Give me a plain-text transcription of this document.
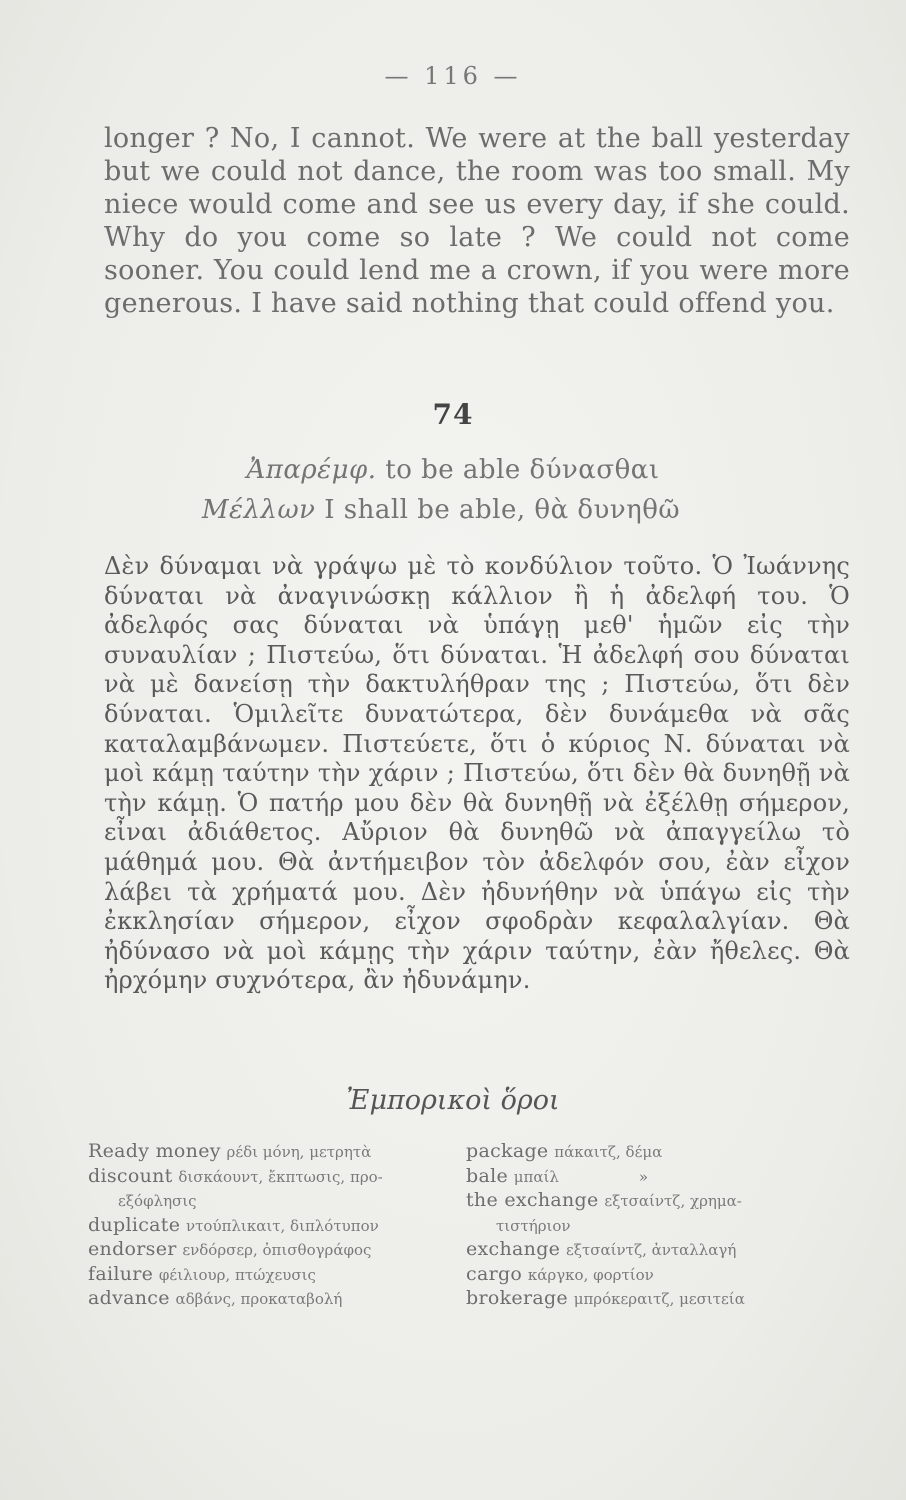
— 116 —

longer ? No, I cannot. We were at the ball yesterday but we could not dance, the room was too small. My niece would come and see us every day, if she could. Why do you come so late ? We could not come sooner. You could lend me a crown, if you were more generous. I have said nothing that could offend you.

74
Ἀπαρέμφ. to be able δύνασθαι
Μέλλων I shall be able, θὰ δυνηθῶ

Δὲν δύναμαι νὰ γράψω μὲ τὸ κονδύλιον τοῦτο. Ὁ Ἰωάννης δύναται νὰ ἀναγινώσκῃ κάλλιον ἢ ἡ ἀδελφή του. Ὁ ἀδελφός σας δύναται νὰ ὑπάγῃ μεθ' ἡμῶν εἰς τὴν συναυλίαν ; Πιστεύω, ὅτι δύναται. Ἡ ἀδελφή σου δύναται νὰ μὲ δανείσῃ τὴν δακτυλήθραν της ; Πιστεύω, ὅτι δὲν δύναται. Ὁμιλεῖτε δυνατώτερα, δὲν δυνάμεθα νὰ σᾶς καταλαμβάνωμεν. Πιστεύετε, ὅτι ὁ κύριος Ν. δύναται νὰ μοὶ κάμῃ ταύτην τὴν χάριν ; Πιστεύω, ὅτι δὲν θὰ δυνηθῇ νὰ τὴν κάμῃ. Ὁ πατήρ μου δὲν θὰ δυνηθῇ νὰ ἐξέλθῃ σήμερον, εἶναι ἀδιάθετος. Αὔριον θὰ δυνηθῶ νὰ ἀπαγγείλω τὸ μάθημά μου. Θὰ ἀντήμειβον τὸν ἀδελφόν σου, ἐὰν εἶχον λάβει τὰ χρήματά μου. Δὲν ἠδυνήθην νὰ ὑπάγω εἰς τὴν ἐκκλησίαν σήμερον, εἶχον σφοδρὰν κεφαλαλγίαν. Θὰ ἠδύνασο νὰ μοὶ κάμῃς τὴν χάριν ταύτην, ἐὰν ἤθελες. Θὰ ἠρχόμην συχνότερα, ἂν ἠδυνάμην.

Ἐμπορικοὶ ὅροι
Ready money ρέδι μόνη, μετρητὰ
discount δισκάουντ, ἔκπτωσις, προ-
εξόφλησις
duplicate ντούπλικαιτ, διπλότυπον
endorser ενδόρσερ, ὀπισθογράφος
failure φέιλιουρ, πτώχευσις
advance αδβάνς, προκαταβολή
package πάκαιτζ, δέμα
bale μπαίλ	»
the exchange εξτσαίντζ, χρημα-
τιστήριον
exchange εξτσαίντζ, ἀνταλλαγή
cargo κάργκο, φορτίον
brokerage μπρόκεραιτζ, μεσιτεία
